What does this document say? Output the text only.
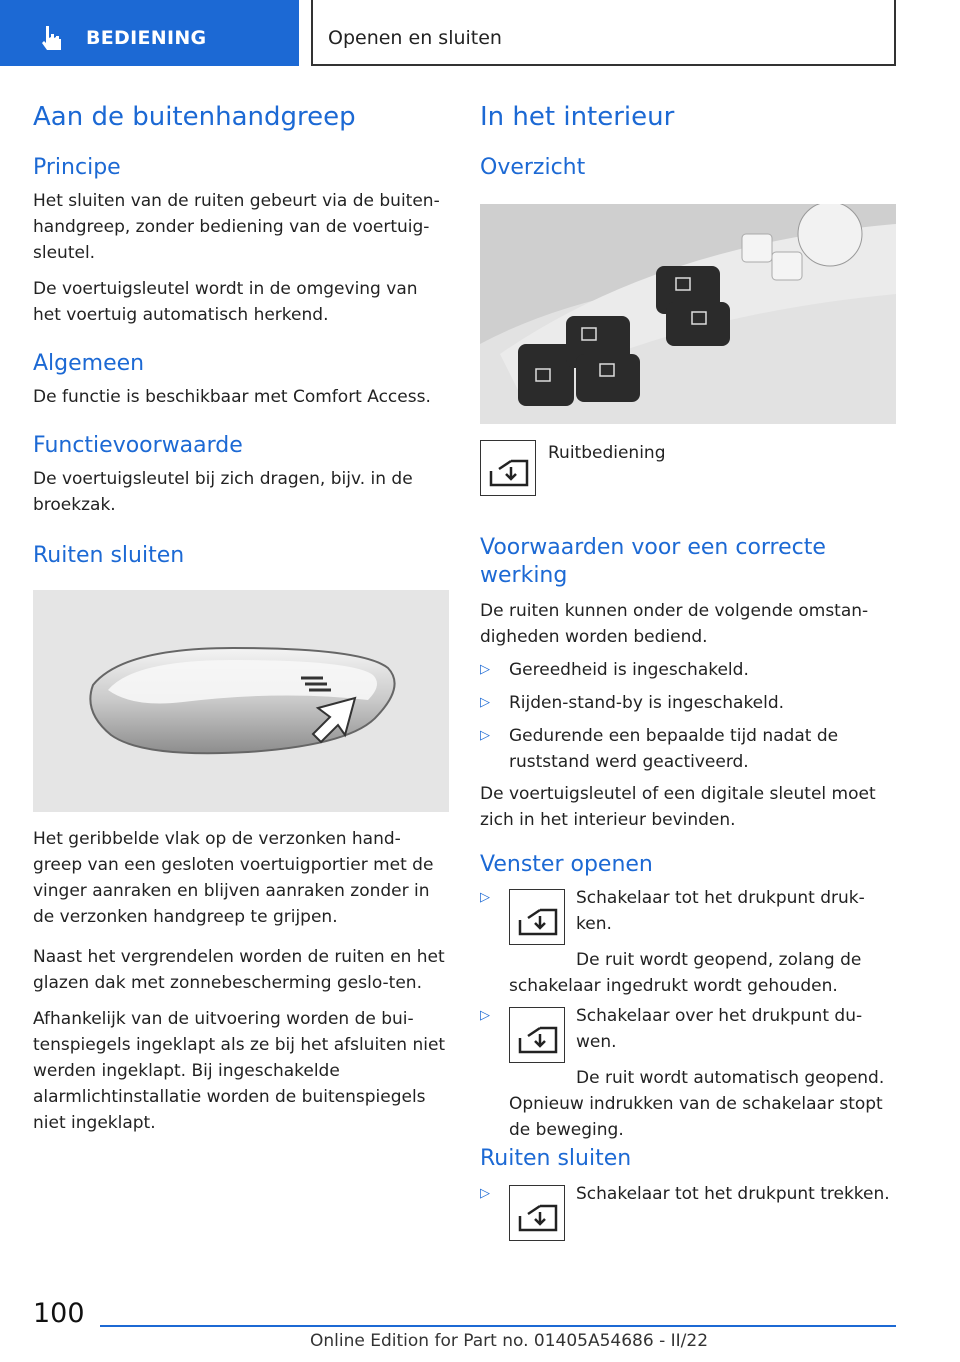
BEDIENING	Openen en sluiten
Aan de buitenhandgreep
Principe

Het sluiten van de ruiten gebeurt via de buiten-handgreep, zonder bediening van de voertuig-sleutel.

De voertuigsleutel wordt in de omgeving van het voertuig automatisch herkend.

Algemeen

De functie is beschikbaar met Comfort Access.

Functievoorwaarde

De voertuigsleutel bij zich dragen, bijv. in de broekzak.

Ruiten sluiten

Het geribbelde vlak op de verzonken hand-greep van een gesloten voertuigportier met de vinger aanraken en blijven aanraken zonder in de verzonken handgreep te grijpen.

Naast het vergrendelen worden de ruiten en het glazen dak met zonnebescherming geslo-ten.

Afhankelijk van de uitvoering worden de bui-tenspiegels ingeklapt als ze bij het afsluiten niet werden ingeklapt. Bij ingeschakelde alarmlichtinstallatie worden de buitenspiegels niet ingeklapt.

In het interieur
Overzicht

Ruitbediening

Voorwaarden voor een correcte werking

De ruiten kunnen onder de volgende omstan-digheden worden bediend.

▷ Gereedheid is ingeschakeld.
▷ Rijden-stand-by is ingeschakeld.
▷ Gedurende een bepaalde tijd nadat de ruststand werd geactiveerd.

De voertuigsleutel of een digitale sleutel moet zich in het interieur bevinden.

Venster openen
▷	Schakelaar tot het drukpunt druk-ken.

De ruit wordt geopend, zolang de schakelaar ingedrukt wordt gehouden.

▷	Schakelaar over het drukpunt du-wen.

De ruit wordt automatisch geopend. Opnieuw indrukken van de schakelaar stopt de beweging.

Ruiten sluiten
▷	Schakelaar tot het drukpunt trekken.

100
Online Edition for Part no. 01405A54686 - II/22
